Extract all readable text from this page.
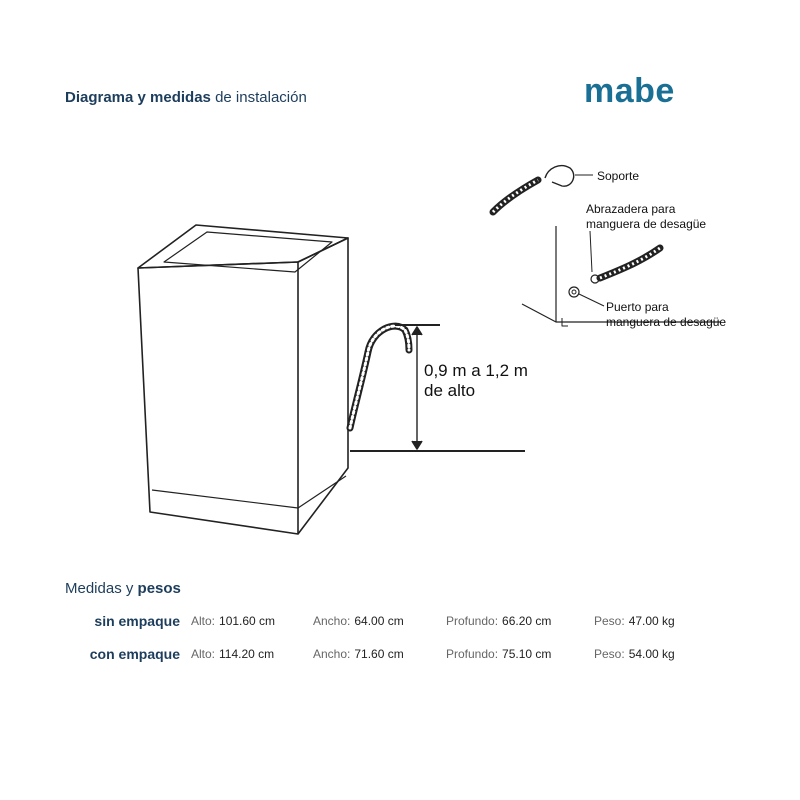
Diagrama y medidas de instalación	mabe
0,9 m a 1,2 m
de alto
Soporte
Abrazadera para
manguera de desagüe
Puerto para
manguera de desagüe
Medidas y pesos
sin empaque Alto: 101.60 cm	Ancho: 64.00 cm	Profundo: 66.20 cm	Peso: 47.00 kg
con empaque Alto: 114.20 cm	Ancho: 71.60 cm	Profundo: 75.10 cm	Peso: 54.00 kg
